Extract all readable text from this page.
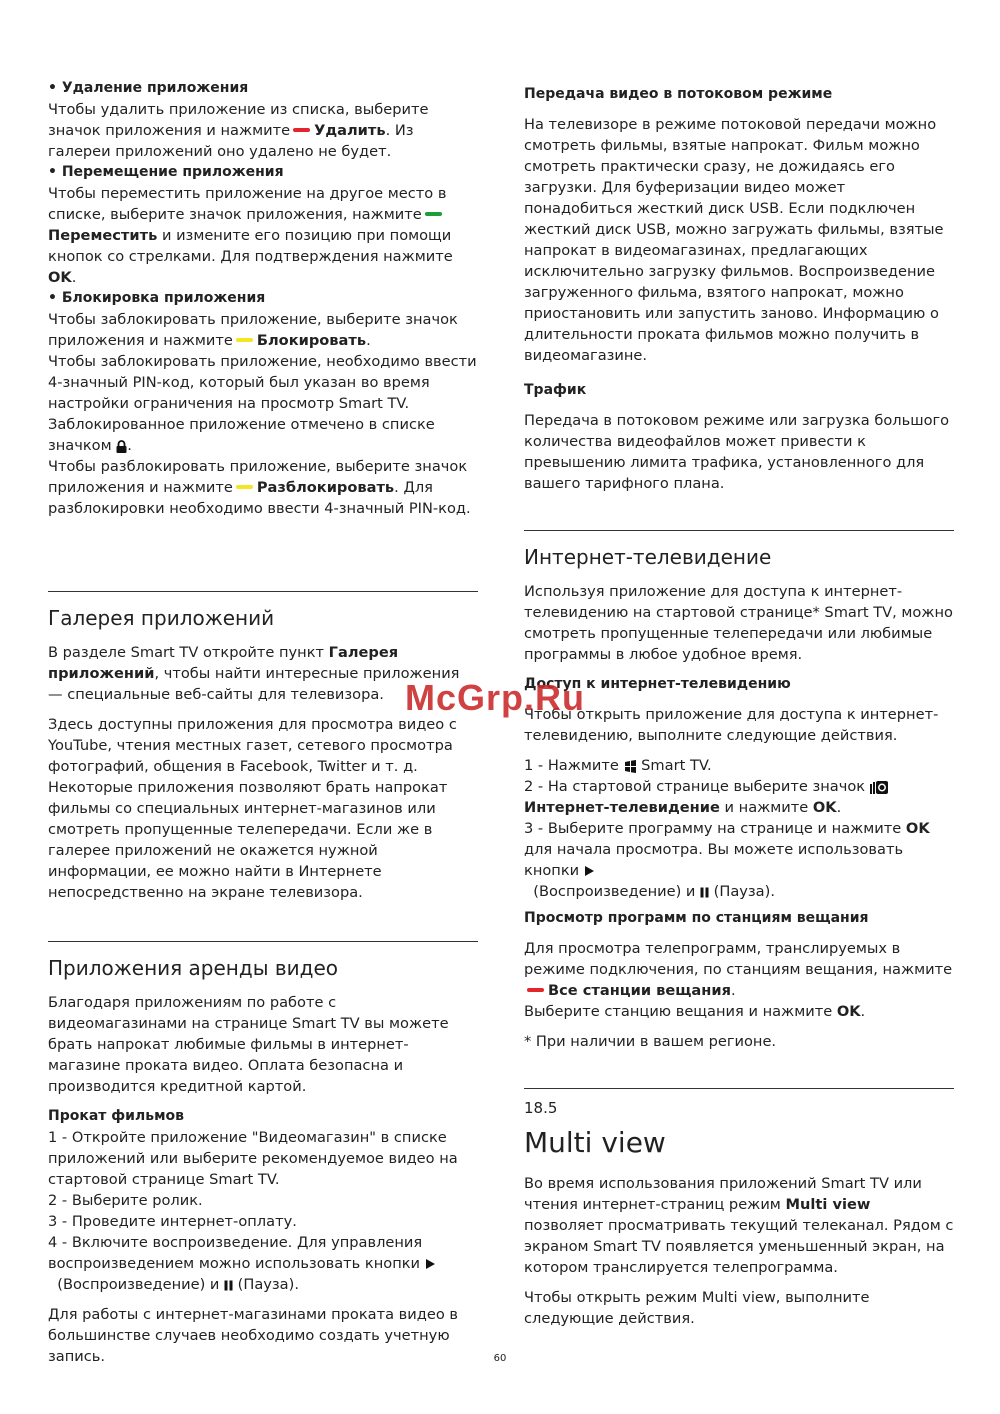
• Удаление приложения

Чтобы удалить приложение из списка, выберите значок приложения и нажмите Удалить. Из галереи приложений оно удалено не будет.

• Перемещение приложения

Чтобы переместить приложение на другое место в списке, выберите значок приложения, нажмитеПереместить и измените его позицию при помощи кнопок со стрелками. Для подтверждения нажмите OK.

• Блокировка приложения

Чтобы заблокировать приложение, выберите значок приложения и нажмите Блокировать.

Чтобы заблокировать приложение, необходимо ввести 4-значный PIN-код, который был указан во время настройки ограничения на просмотр Smart TV. Заблокированное приложение отмечено в списке значком .

Чтобы разблокировать приложение, выберите значок приложения и нажмите Разблокировать. Для разблокировки необходимо ввести 4-значный PIN-код.

Галерея приложений

В разделе Smart TV откройте пункт Галерея приложений, чтобы найти интересные приложения — специальные веб-сайты для телевизора.

Здесь доступны приложения для просмотра видео с YouTube, чтения местных газет, сетевого просмотра фотографий, общения в Facebook, Twitter и т. д. Некоторые приложения позволяют брать напрокат фильмы со специальных интернет-магазинов или смотреть пропущенные телепередачи. Если же в галерее приложений не окажется нужной информации, ее можно найти в Интернете непосредственно на экране телевизора.

Приложения аренды видео

Благодаря приложениям по работе с видеомагазинами на странице Smart TV вы можете брать напрокат любимые фильмы в интернет-магазине проката видео. Оплата безопасна и производится кредитной картой.

Прокат фильмов

1 - Откройте приложение "Видеомагазин" в списке приложений или выберите рекомендуемое видео на стартовой странице Smart TV.

2 - Выберите ролик.

3 - Проведите интернет-оплату.

4 - Включите воспроизведение. Для управления воспроизведением можно использовать кнопки
(Воспроизведение) и (Пауза).

Для работы с интернет-магазинами проката видео в большинстве случаев необходимо создать учетную запись.

Передача видео в потоковом режиме

На телевизоре в режиме потоковой передачи можно смотреть фильмы, взятые напрокат. Фильм можно смотреть практически сразу, не дожидаясь его загрузки. Для буферизации видео может понадобиться жесткий диск USB. Если подключен жесткий диск USB, можно загружать фильмы, взятые напрокат в видеомагазинах, предлагающих исключительно загрузку фильмов. Воспроизведение загруженного фильма, взятого напрокат, можно приостановить или запустить заново. Информацию о длительности проката фильмов можно получить в видеомагазине.

Трафик

Передача в потоковом режиме или загрузка большого количества видеофайлов может привести к превышению лимита трафика, установленного для вашего тарифного плана.

Интернет-телевидение

Используя приложение для доступа к интернет-телевидению на стартовой странице* Smart TV, можно смотреть пропущенные телепередачи или любимые программы в любое удобное время.

Доступ к интернет-телевидению

Чтобы открыть приложение для доступа к интернет-телевидению, выполните следующие действия.

1 - Нажмите Smart TV.

2 - На стартовой странице выберите значок  Интернет-телевидение и нажмите OK.

3 - Выберите программу на странице и нажмите OK для начала просмотра. Вы можете использовать кнопки
(Воспроизведение) и (Пауза).

Просмотр программ по станциям вещания

Для просмотра телепрограмм, транслируемых в режиме подключения, по станциям вещания, нажмитеВсе станции вещания.

Выберите станцию вещания и нажмите OK.

* При наличии в вашем регионе.

18.5

Multi view

Во время использования приложений Smart TV или чтения интернет-страниц режим Multi view позволяет просматривать текущий телеканал. Рядом с экраном Smart TV появляется уменьшенный экран, на котором транслируется телепрограмма.

Чтобы открыть режим Multi view, выполните следующие действия.

McGrp.Ru
60
